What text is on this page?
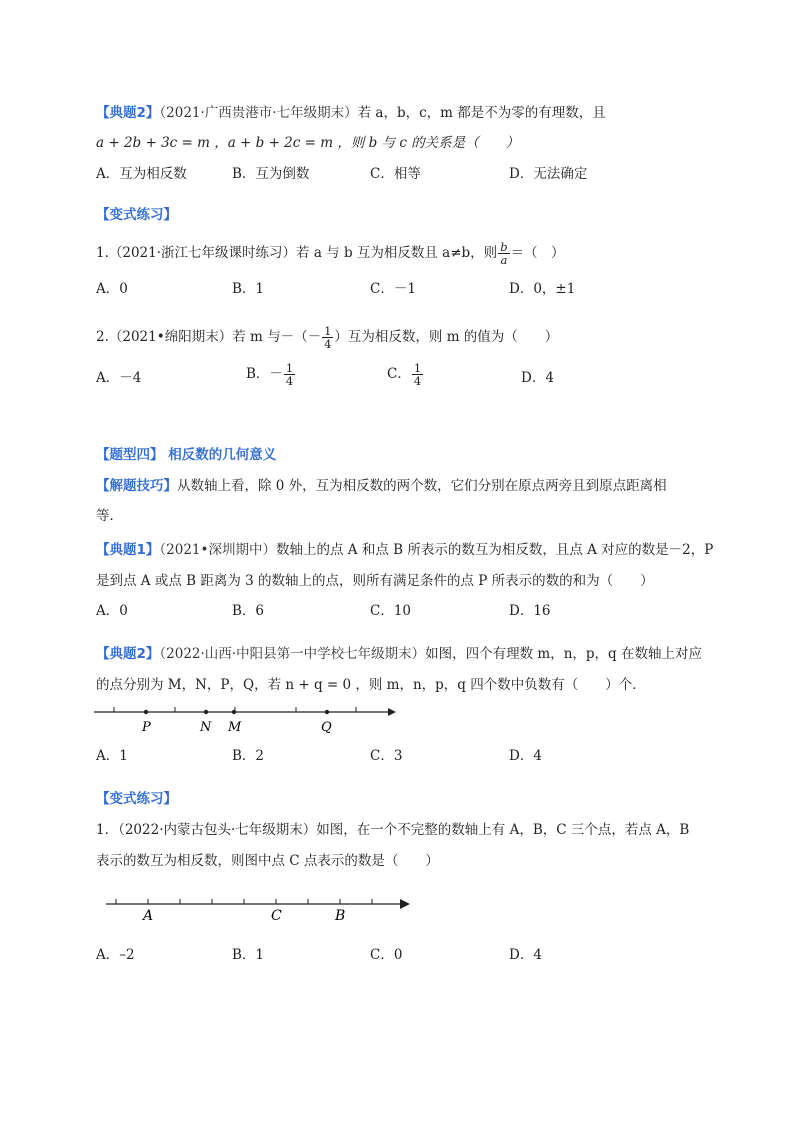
【典题2】（2021·广西贵港市·七年级期末）若 a，b，c，m 都是不为零的有理数，且
a + 2b + 3c = m ，a + b + 2c = m ，则 b 与 c 的关系是（　　）
A．互为相反数	B．互为倒数	C．相等	D．无法确定
【变式练习】
1.（2021·浙江七年级课时练习）若 a 与 b 互为相反数且 a≠b，则 $\frac{b}{a}$ ＝（　）
A．0	B．1	C．－1	D．0，±1
2.（2021•绵阳期末）若 m 与－（－ $\frac{1}{4}$ ）互为相反数，则 m 的值为（　　）
A．－4	B．－ $\frac{1}{4}$	C． $\frac{1}{4}$	D．4
【题型四】 相反数的几何意义
【解题技巧】从数轴上看，除 0 外，互为相反数的两个数，它们分别在原点两旁且到原点距离相
等．
【典题1】（2021•深圳期中）数轴上的点 A 和点 B 所表示的数互为相反数，且点 A 对应的数是－2，P
是到点 A 或点 B 距离为 3 的数轴上的点，则所有满足条件的点 P 所表示的数的和为（　　）
A．0	B．6	C．10	D．16
【典题2】（2022·山西·中阳县第一中学校七年级期末）如图，四个有理数 m，n，p，q 在数轴上对应
的点分别为 M，N，P，Q，若 n + q = 0 ，则 m，n，p，q 四个数中负数有（　　）个．
P	N M	Q
A．1	B．2	C．3	D．4
【变式练习】
1．（2022·内蒙古包头·七年级期末）如图，在一个不完整的数轴上有 A，B，C 三个点，若点 A，B
表示的数互为相反数，则图中点 C 点表示的数是（　　）
A	C	B
A．–2	B．1	C．0	D．4
